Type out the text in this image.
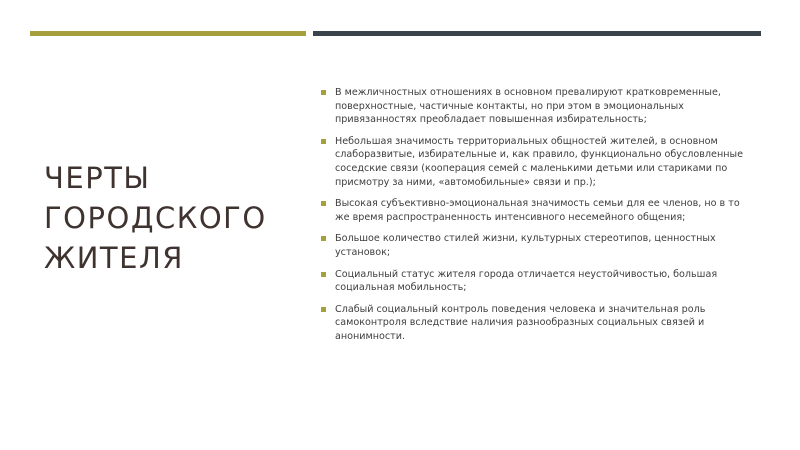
ЧЕРТЫ
ГОРОДСКОГО
ЖИТЕЛЯ
В межличностных отношениях в основном превалируют кратковременные, поверхностные, частичные контакты, но при этом в эмоциональных привязанностях преобладает повышенная избирательность;
Небольшая значимость территориальных общностей жителей, в основном слаборазвитые, избирательные и, как правило, функционально обусловленные соседские связи (кооперация семей с маленькими детьми или стариками по присмотру за ними, «автомобильные» связи и пр.);
Высокая субъективно-эмоциональная значимость семьи для ее членов, но в то же время распространенность интенсивного несемейного общения;
Большое количество стилей жизни, культурных стереотипов, ценностных установок;
Социальный статус жителя города отличается неустойчивостью, большая социальная мобильность;
Слабый социальный контроль поведения человека и значительная роль самоконтроля вследствие наличия разнообразных социальных связей и анонимности.
